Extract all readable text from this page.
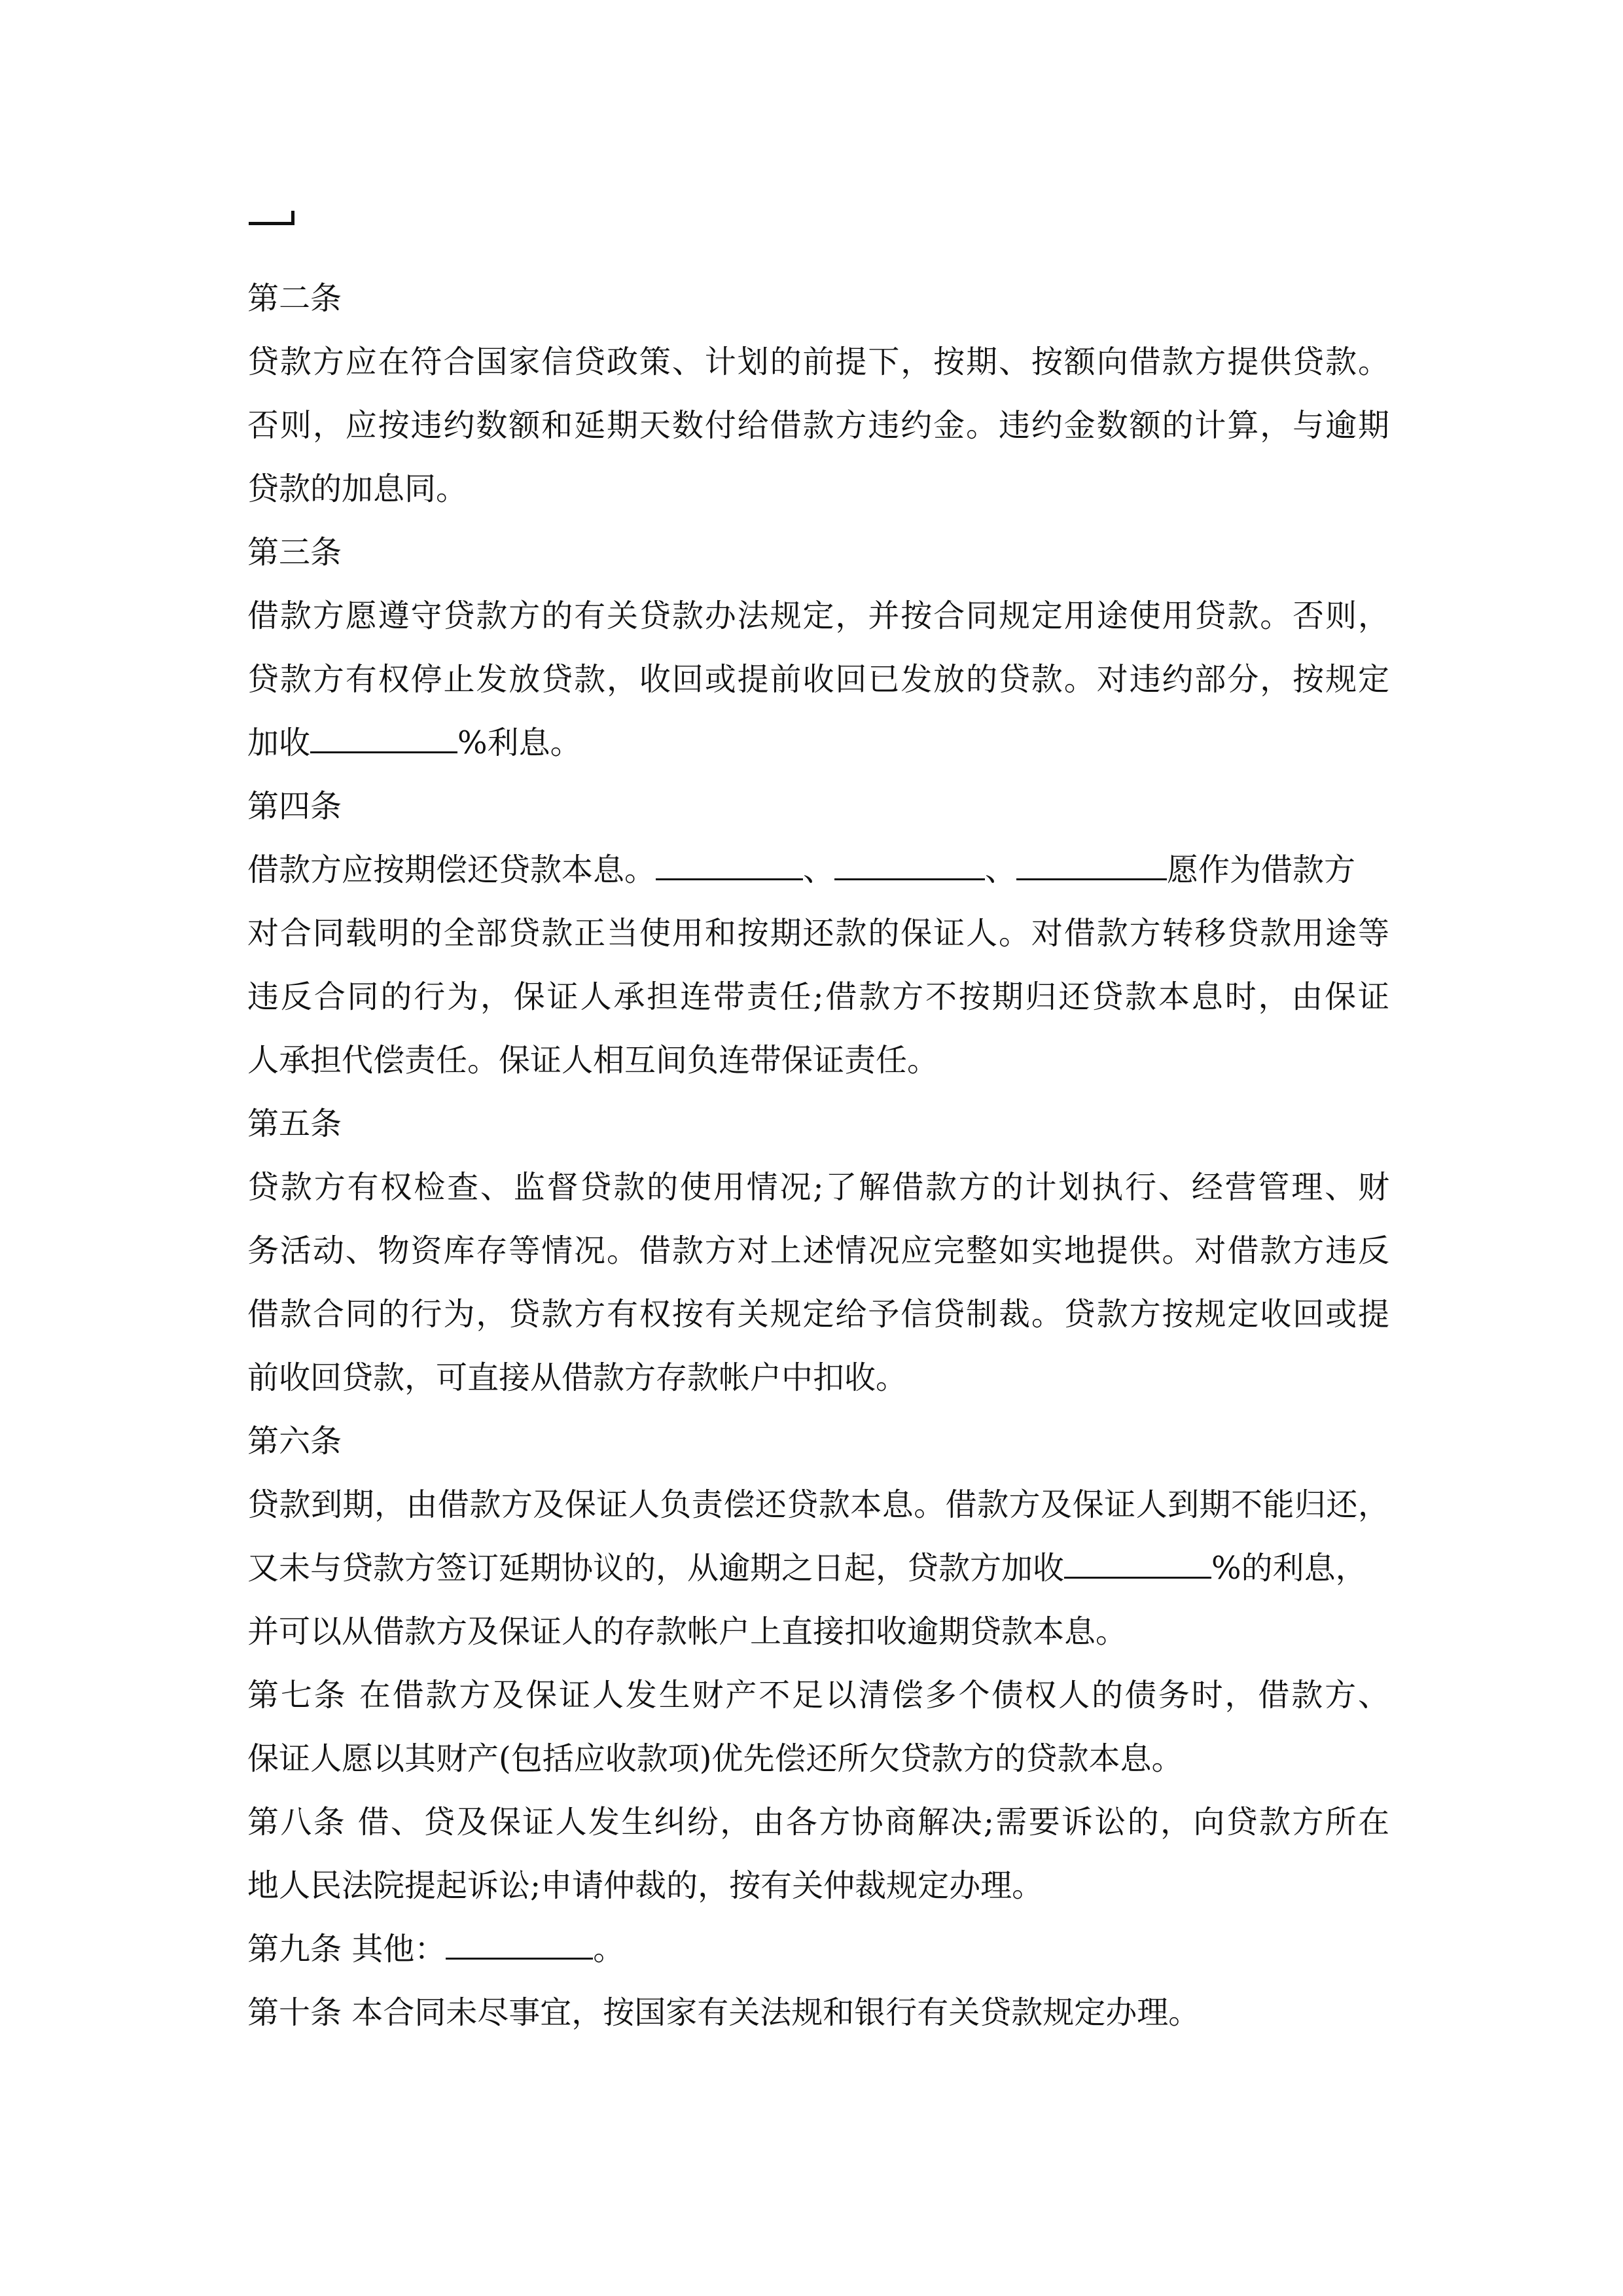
第二条
贷款方应在符合国家信贷政策、计划的前提下，按期、按额向借款方提供贷款。
否则，应按违约数额和延期天数付给借款方违约金。违约金数额的计算，与逾期
贷款的加息同。
第三条
借款方愿遵守贷款方的有关贷款办法规定，并按合同规定用途使用贷款。否则，
贷款方有权停止发放贷款，收回或提前收回已发放的贷款。对违约部分，按规定
加收	%利息。
第四条
借款方应按期偿还贷款本息。	、	、	愿作为借款方
对合同载明的全部贷款正当使用和按期还款的保证人。对借款方转移贷款用途等
违反合同的行为，保证人承担连带责任;借款方不按期归还贷款本息时，由保证
人承担代偿责任。保证人相互间负连带保证责任。
第五条
贷款方有权检查、监督贷款的使用情况;了解借款方的计划执行、经营管理、财
务活动、物资库存等情况。借款方对上述情况应完整如实地提供。对借款方违反
借款合同的行为，贷款方有权按有关规定给予信贷制裁。贷款方按规定收回或提
前收回贷款，可直接从借款方存款帐户中扣收。
第六条
贷款到期，由借款方及保证人负责偿还贷款本息。借款方及保证人到期不能归还，
又未与贷款方签订延期协议的，从逾期之日起，贷款方加收	%的利息，
并可以从借款方及保证人的存款帐户上直接扣收逾期贷款本息。
第七条 在借款方及保证人发生财产不足以清偿多个债权人的债务时，借款方、
保证人愿以其财产(包括应收款项)优先偿还所欠贷款方的贷款本息。
第八条 借、贷及保证人发生纠纷，由各方协商解决;需要诉讼的，向贷款方所在
地人民法院提起诉讼;申请仲裁的，按有关仲裁规定办理。
第九条 其他：	。
第十条 本合同未尽事宜，按国家有关法规和银行有关贷款规定办理。
